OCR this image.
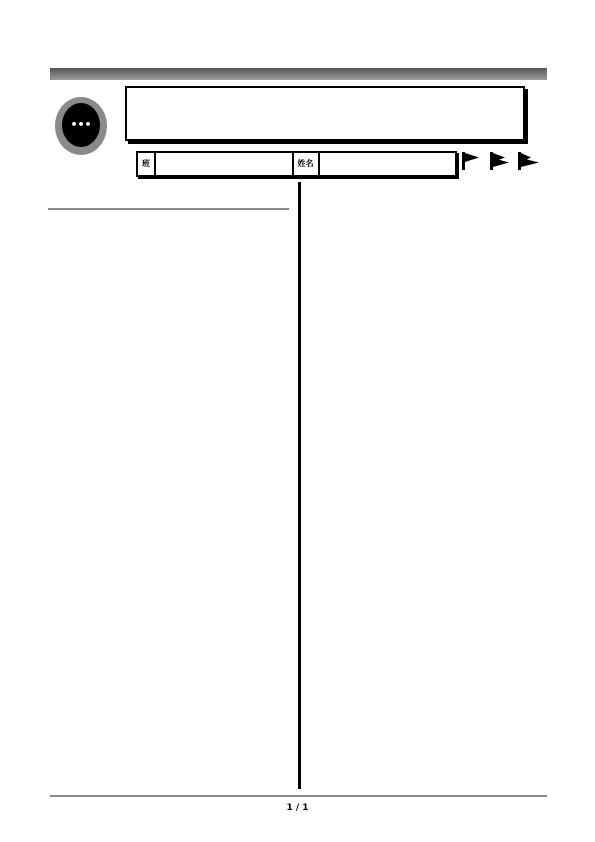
•••
班	姓名
1 / 1
